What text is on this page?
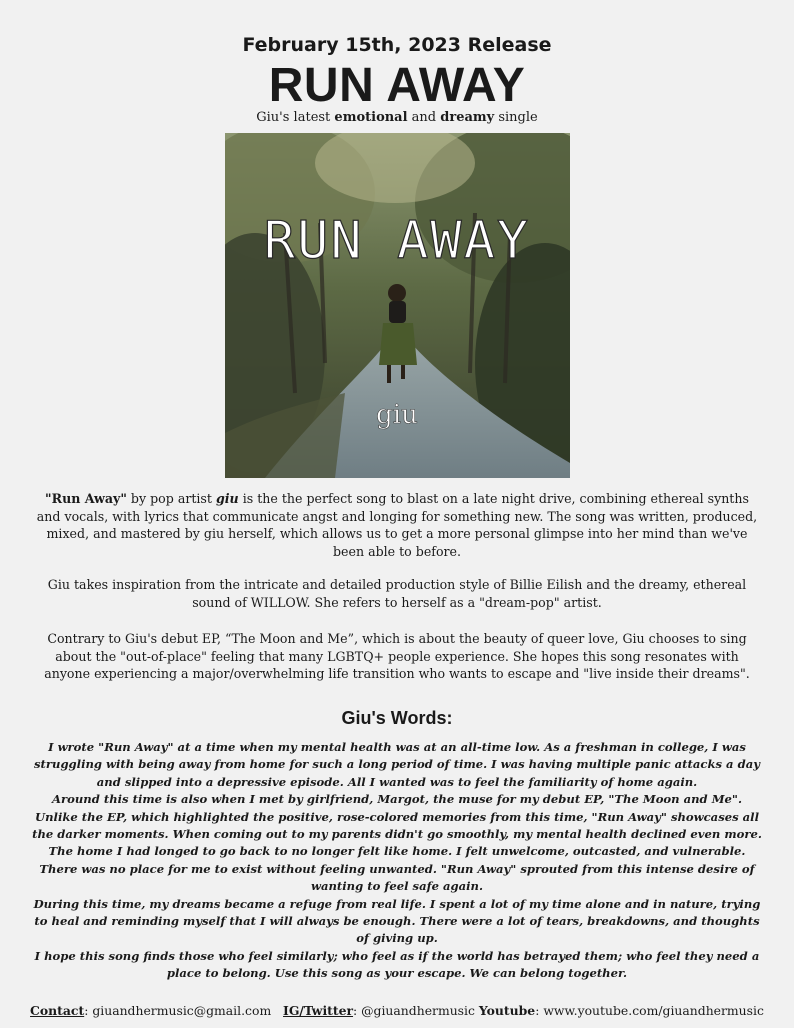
February 15th, 2023 Release
RUN AWAY
Giu's latest emotional and dreamy single
RUN AWAY
giu
"Run Away" by pop artist giu is the the perfect song to blast on a late night drive, combining ethereal synths and vocals, with lyrics that communicate angst and longing for something new. The song was written, produced, mixed, and mastered by giu herself, which allows us to get a more personal glimpse into her mind than we've been able to before.
Giu takes inspiration from the intricate and detailed production style of Billie Eilish and the dreamy, ethereal sound of WILLOW. She refers to herself as a "dream-pop" artist.
Contrary to Giu's debut EP, “The Moon and Me”, which is about the beauty of queer love, Giu chooses to sing about the "out-of-place" feeling that many LGBTQ+ people experience. She hopes this song resonates with anyone experiencing a major/overwhelming life transition who wants to escape and "live inside their dreams".
Giu's Words:

I wrote "Run Away" at a time when my mental health was at an all-time low. As a freshman in college, I was struggling with being away from home for such a long period of time. I was having multiple panic attacks a day and slipped into a depressive episode. All I wanted was to feel the familiarity of home again.

Around this time is also when I met by girlfriend, Margot, the muse for my debut EP, "The Moon and Me". Unlike the EP, which highlighted the positive, rose-colored memories from this time, "Run Away" showcases all the darker moments. When coming out to my parents didn't go smoothly, my mental health declined even more. The home I had longed to go back to no longer felt like home. I felt unwelcome, outcasted, and vulnerable. There was no place for me to exist without feeling unwanted. "Run Away" sprouted from this intense desire of wanting to feel safe again.

During this time, my dreams became a refuge from real life. I spent a lot of my time alone and in nature, trying to heal and reminding myself that I will always be enough. There were a lot of tears, breakdowns, and thoughts of giving up.

I hope this song finds those who feel similarly; who feel as if the world has betrayed them; who feel they need a place to belong. Use this song as your escape. We can belong together.

Contact: giuandhermusic@gmail.com IG/Twitter: @giuandhermusic Youtube: www.youtube.com/giuandhermusic
